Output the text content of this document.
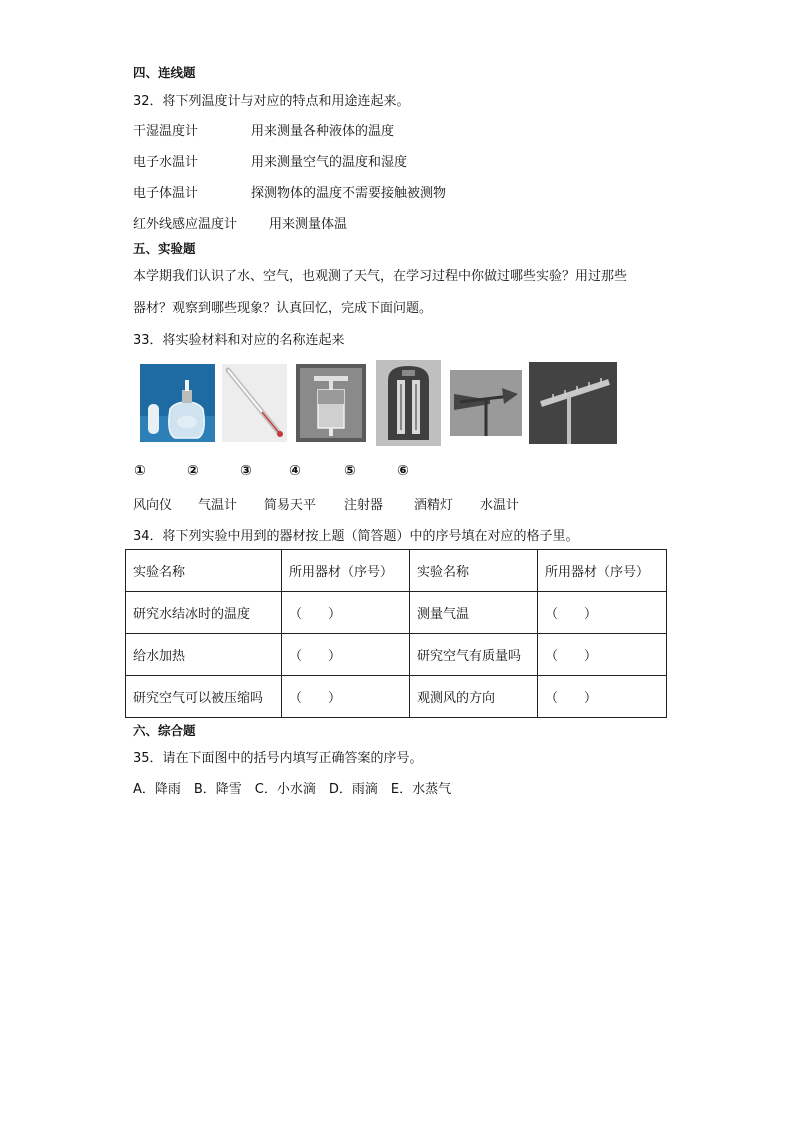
四、连线题
32．将下列温度计与对应的特点和用途连起来。
干湿温度计	用来测量各种液体的温度
电子水温计	用来测量空气的温度和湿度
电子体温计	探测物体的温度不需要接触被测物
红外线感应温度计 用来测量体温
五、实验题
本学期我们认识了水、空气，也观测了天气，在学习过程中你做过哪些实验？用过那些
器材？观察到哪些现象？认真回忆，完成下面问题。
33．将实验材料和对应的名称连起来
①	②	③	④	⑤	⑥
风向仪 气温计 简易天平 注射器 酒精灯 水温计
34．将下列实验中用到的器材按上题（简答题）中的序号填在对应的格子里。
实验名称	所用器材（序号）	实验名称	所用器材（序号）
研究水结冰时的温度	（　　）	测量气温	（　　）
给水加热	（　　）	研究空气有质量吗	（　　）
研究空气可以被压缩吗	（　　）	观测风的方向	（　　）
六、综合题
35．请在下面图中的括号内填写正确答案的序号。
A．降雨　B．降雪　C．小水滴　D．雨滴　E．水蒸气
